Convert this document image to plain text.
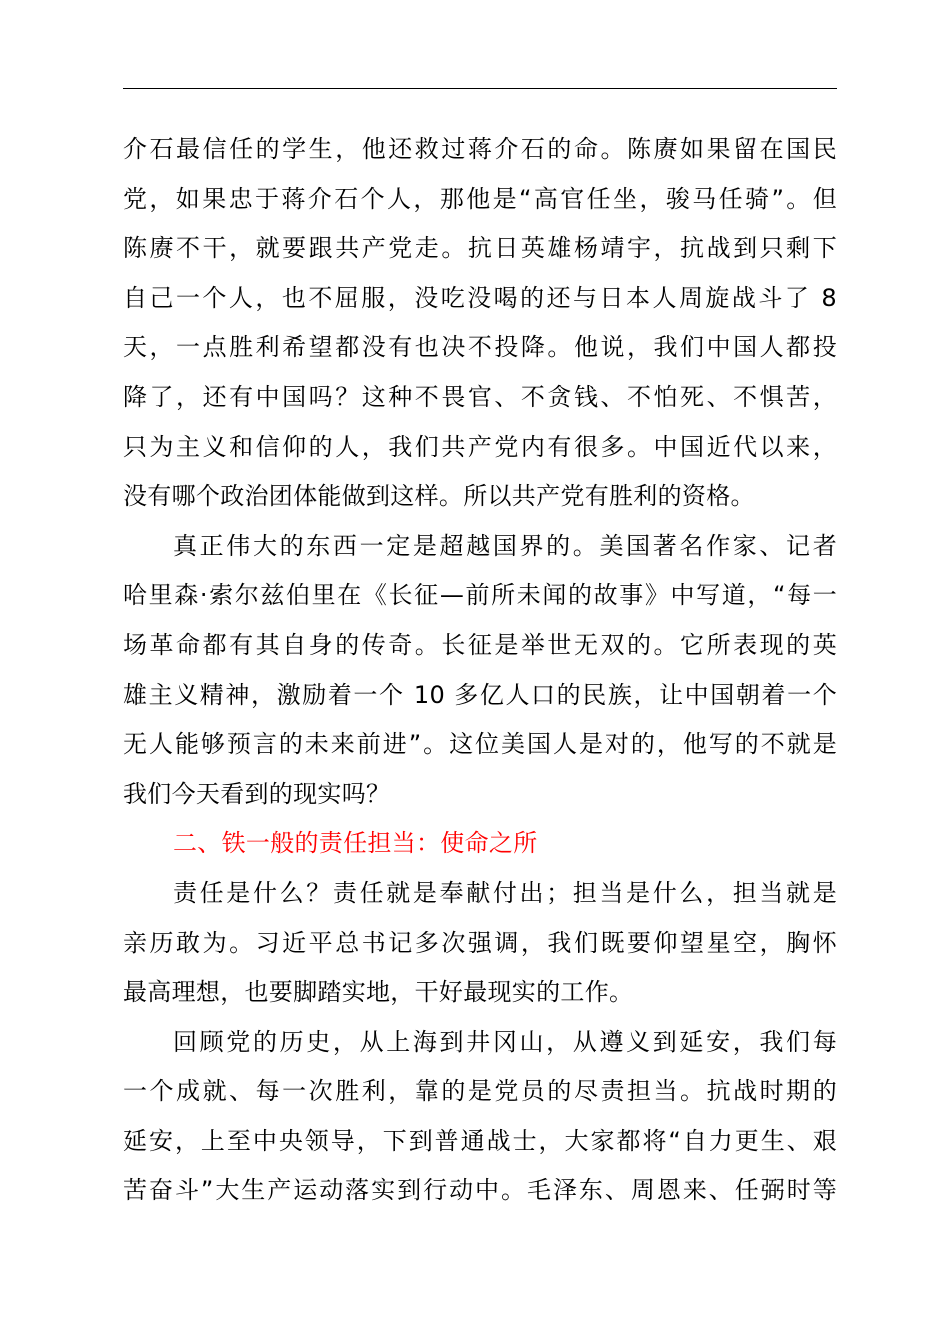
介石最信任的学生，他还救过蒋介石的命。陈赓如果留在国民
党，如果忠于蒋介石个人，那他是“高官任坐，骏马任骑”。但
陈赓不干，就要跟共产党走。抗日英雄杨靖宇，抗战到只剩下
自己一个人，也不屈服，没吃没喝的还与日本人周旋战斗了 8
天，一点胜利希望都没有也决不投降。他说，我们中国人都投
降了，还有中国吗？这种不畏官、不贪钱、不怕死、不惧苦，
只为主义和信仰的人，我们共产党内有很多。中国近代以来，
没有哪个政治团体能做到这样。所以共产党有胜利的资格。
真正伟大的东西一定是超越国界的。美国著名作家、记者
哈里森·索尔兹伯里在《长征—前所未闻的故事》中写道，“每一
场革命都有其自身的传奇。长征是举世无双的。它所表现的英
雄主义精神，激励着一个 10 多亿人口的民族，让中国朝着一个
无人能够预言的未来前进”。这位美国人是对的，他写的不就是
我们今天看到的现实吗？
二、铁一般的责任担当：使命之所
责任是什么？责任就是奉献付出；担当是什么，担当就是
亲历敢为。习近平总书记多次强调，我们既要仰望星空，胸怀
最高理想，也要脚踏实地，干好最现实的工作。
回顾党的历史，从上海到井冈山，从遵义到延安，我们每
一个成就、每一次胜利，靠的是党员的尽责担当。抗战时期的
延安，上至中央领导，下到普通战士，大家都将“自力更生、艰
苦奋斗”大生产运动落实到行动中。毛泽东、周恩来、任弼时等
